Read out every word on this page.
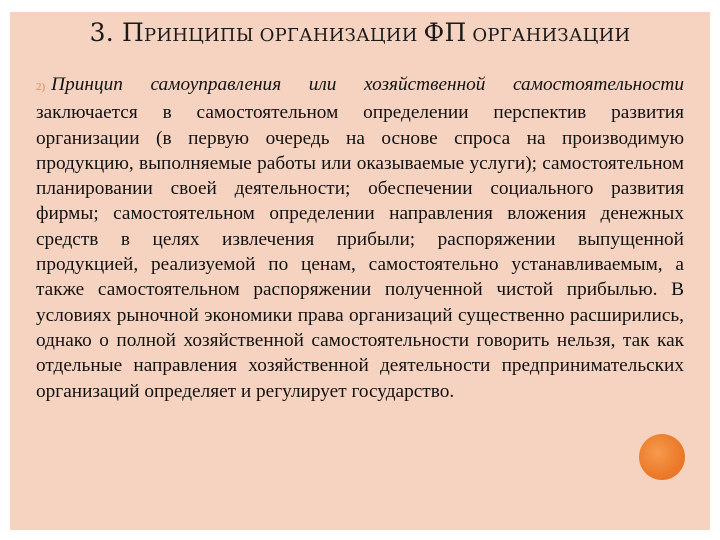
3. ПРИНЦИПЫ ОРГАНИЗАЦИИ ФП ОРГАНИЗАЦИИ
2) Принцип самоуправления или хозяйственной самостоятельности заключается в самостоятельном определении перспектив развития организации (в первую очередь на основе спроса на производимую продукцию, выполняемые работы или оказываемые услуги); самостоятельном планировании своей деятельности; обеспечении социального развития фирмы; самостоятельном определении направления вложения денежных средств в целях извлечения прибыли; распоряжении выпущенной продукцией, реализуемой по ценам, самостоятельно устанавливаемым, а также самостоятельном распоряжении полученной чистой прибылью. В условиях рыночной экономики права организаций существенно расширились, однако о полной хозяйственной самостоятельности говорить нельзя, так как отдельные направления хозяйственной деятельности предпринимательских организаций определяет и регулирует государство.
